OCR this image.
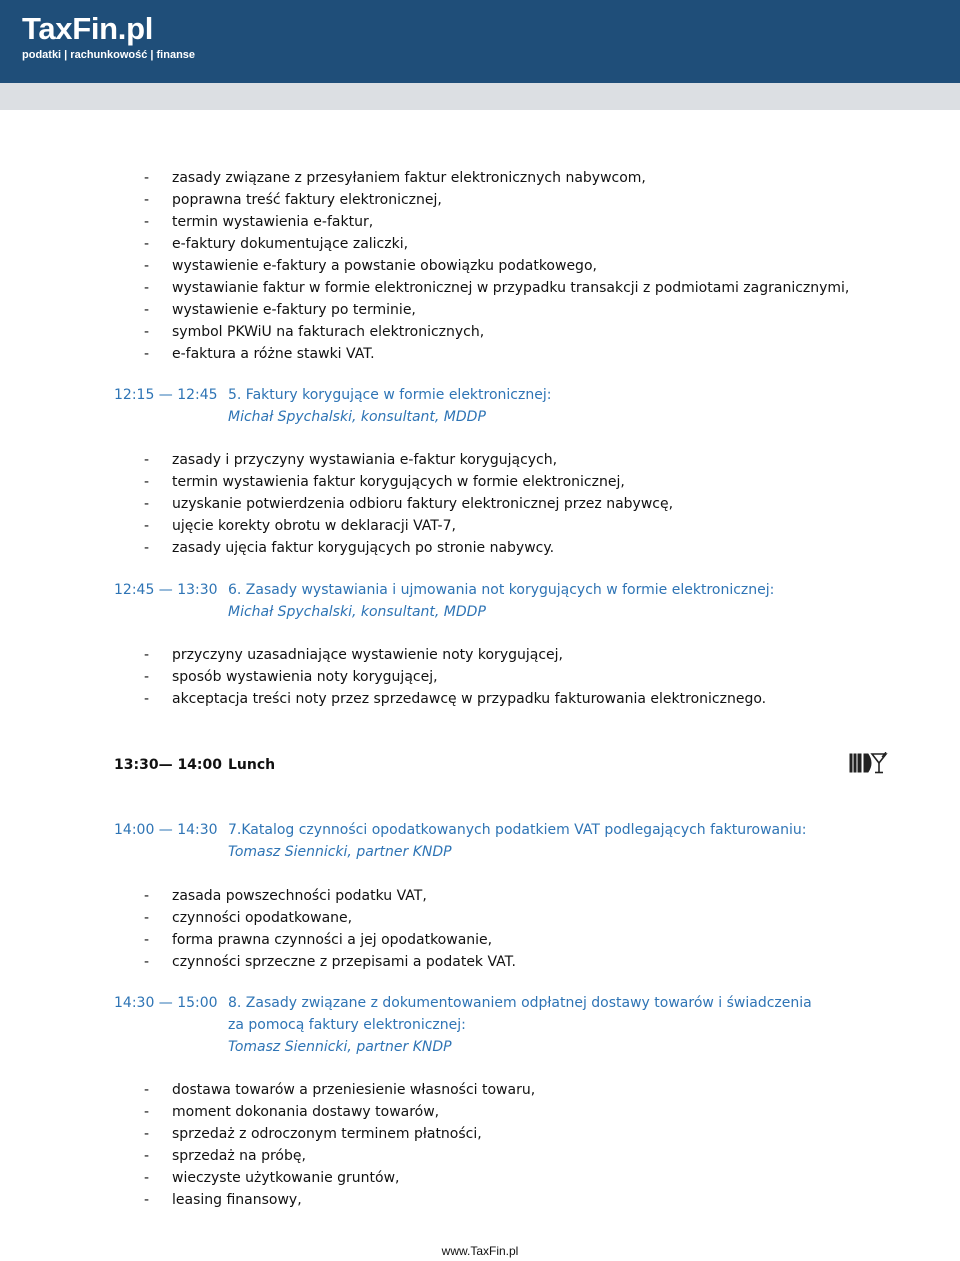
TaxFin.pl
podatki | rachunkowość | finanse
- zasady związane z przesyłaniem faktur elektronicznych nabywcom,
- poprawna treść faktury elektronicznej,
- termin wystawienia e-faktur,
- e-faktury dokumentujące zaliczki,
- wystawienie e-faktury a powstanie obowiązku podatkowego,
- wystawianie faktur w formie elektronicznej w przypadku transakcji z podmiotami zagranicznymi,
- wystawienie e-faktury po terminie,
- symbol PKWiU na fakturach elektronicznych,
- e-faktura a różne stawki VAT.
12:15 — 12:45 5. Faktury korygujące w formie elektronicznej:
Michał Spychalski, konsultant, MDDP
- zasady i przyczyny wystawiania e-faktur korygujących,
- termin wystawienia faktur korygujących w formie elektronicznej,
- uzyskanie potwierdzenia odbioru faktury elektronicznej przez nabywcę,
- ujęcie korekty obrotu w deklaracji VAT-7,
- zasady ujęcia faktur korygujących po stronie nabywcy.
12:45 — 13:30 6. Zasady wystawiania i ujmowania not korygujących w formie elektronicznej:
Michał Spychalski, konsultant, MDDP
- przyczyny uzasadniające wystawienie noty korygującej,
- sposób wystawienia noty korygującej,
- akceptacja treści noty przez sprzedawcę w przypadku fakturowania elektronicznego.
13:30— 14:00 Lunch
14:00 — 14:30 7.Katalog czynności opodatkowanych podatkiem VAT podlegających fakturowaniu:
Tomasz Siennicki, partner KNDP
- zasada powszechności podatku VAT,
- czynności opodatkowane,
- forma prawna czynności a jej opodatkowanie,
- czynności sprzeczne z przepisami a podatek VAT.
14:30 — 15:00 8. Zasady związane z dokumentowaniem odpłatnej dostawy towarów i świadczenia
za pomocą faktury elektronicznej:
Tomasz Siennicki, partner KNDP
- dostawa towarów a przeniesienie własności towaru,
- moment dokonania dostawy towarów,
- sprzedaż z odroczonym terminem płatności,
- sprzedaż na próbę,
- wieczyste użytkowanie gruntów,
- leasing finansowy,
www.TaxFin.pl
